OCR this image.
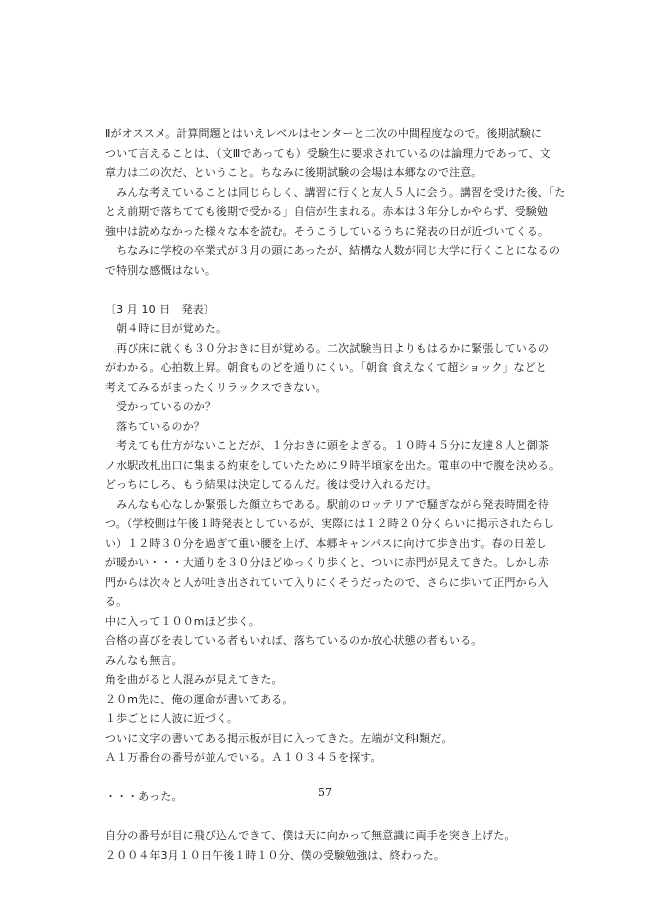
Ⅱがオススメ。計算問題とはいえレベルはセンターと二次の中間程度なので。後期試験に
ついて言えることは、（文Ⅲであっても）受験生に要求されているのは論理力であって、文
章力は二の次だ、ということ。ちなみに後期試験の会場は本郷なので注意。
　みんな考えていることは同じらしく、講習に行くと友人５人に会う。講習を受けた後、「た
とえ前期で落ちてても後期で受かる」自信が生まれる。赤本は３年分しかやらず、受験勉
強中は読めなかった様々な本を読む。そうこうしているうちに発表の日が近づいてくる。
　ちなみに学校の卒業式が３月の頭にあったが、結構な人数が同じ大学に行くことになるの
で特別な感慨はない。
〔3 月 10 日　発表〕
　朝４時に目が覚めた。
　再び床に就くも３０分おきに目が覚める。二次試験当日よりもはるかに緊張しているの
がわかる。心拍数上昇。朝食ものどを通りにくい。「朝食 食えなくて超ショック」などと
考えてみるがまったくリラックスできない。
　受かっているのか？
　落ちているのか？
　考えても仕方がないことだが、１分おきに頭をよぎる。１０時４５分に友達８人と御茶
ノ水駅改札出口に集まる約束をしていたために９時半頃家を出た。電車の中で腹を決める。
どっちにしろ、もう結果は決定してるんだ。後は受け入れるだけ。
　みんなも心なしか緊張した顔立ちである。駅前のロッテリアで騒ぎながら発表時間を待
つ。（学校側は午後１時発表としているが、実際には１２時２０分くらいに掲示されたらし
い）１２時３０分を過ぎて重い腰を上げ、本郷キャンパスに向けて歩き出す。春の日差し
が暖かい・・・大通りを３０分ほどゆっくり歩くと、ついに赤門が見えてきた。しかし赤
門からは次々と人が吐き出されていて入りにくそうだったので、さらに歩いて正門から入
る。
中に入って１００mほど歩く。
合格の喜びを表している者もいれば、落ちているのか放心状態の者もいる。
みんなも無言。
角を曲がると人混みが見えてきた。
２０m先に、俺の運命が書いてある。
１歩ごとに人波に近づく。
ついに文字の書いてある掲示板が目に入ってきた。左端が文科Ⅰ類だ。
Ａ１万番台の番号が並んでいる。Ａ１０３４５を探す。
・・・あった。
自分の番号が目に飛び込んできて、僕は天に向かって無意識に両手を突き上げた。
２００４年3月１０日午後１時１０分、僕の受験勉強は、終わった。
57
